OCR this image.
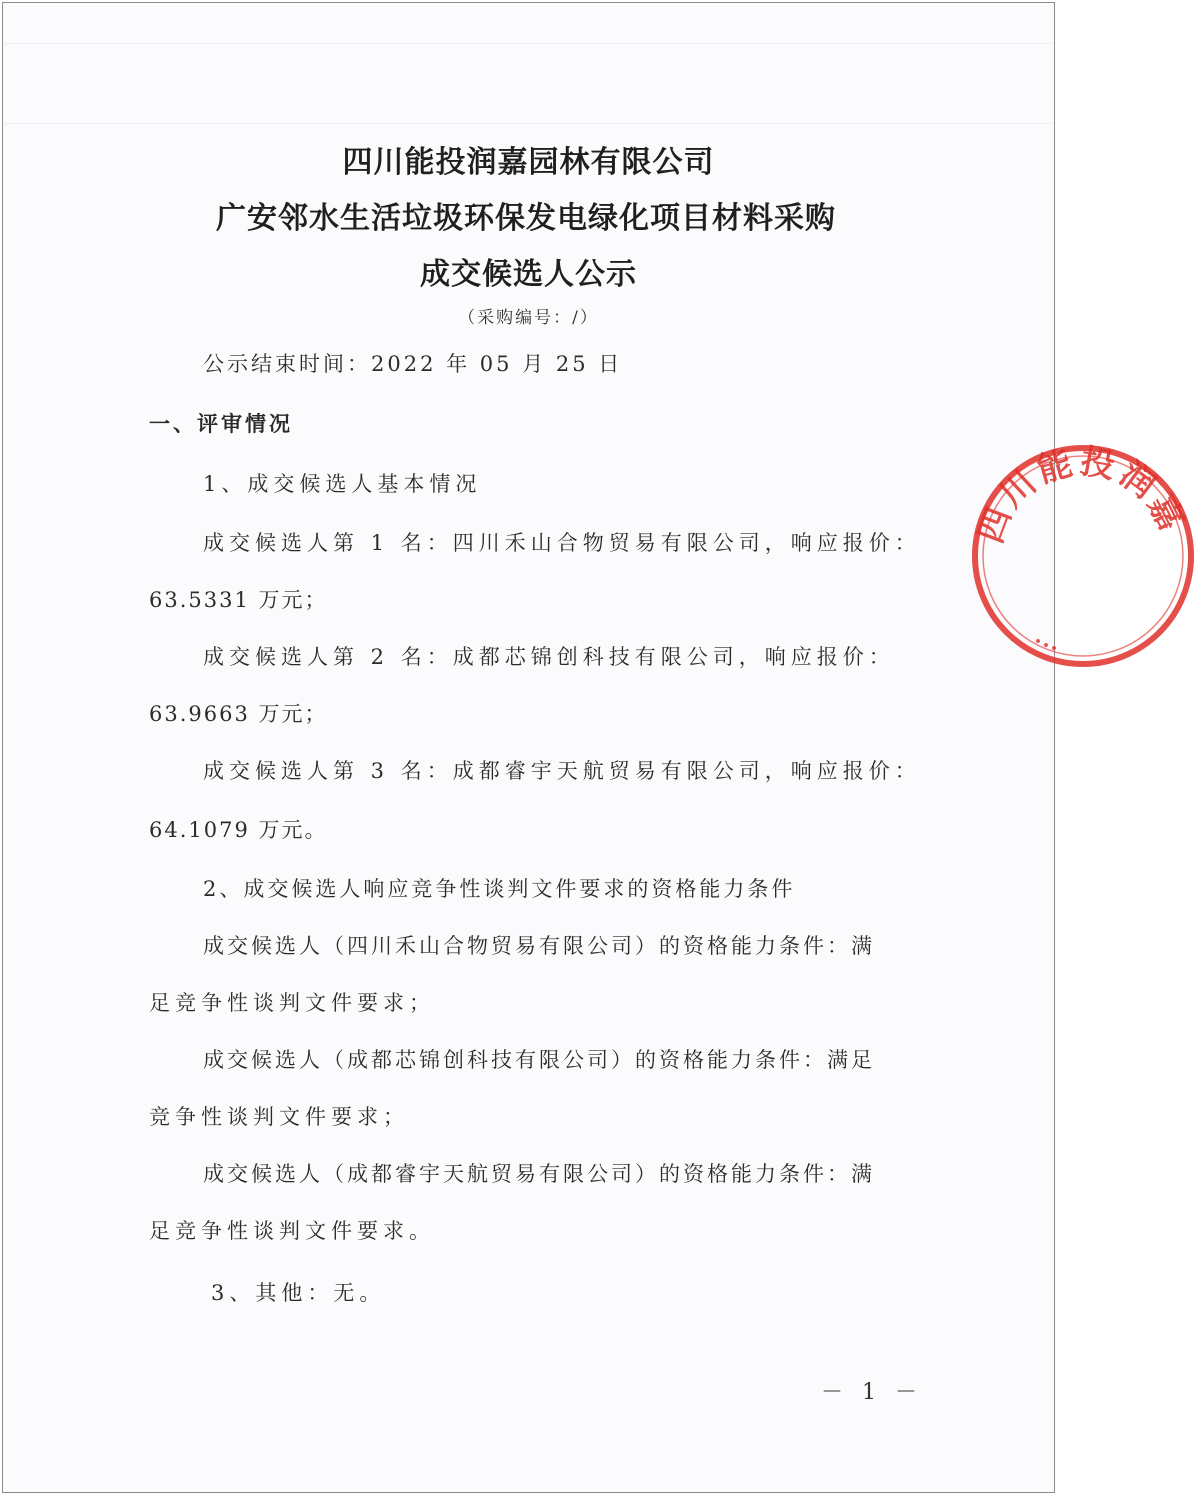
四川能投润嘉园林有限公司
广安邻水生活垃圾环保发电绿化项目材料采购
成交候选人公示
（采购编号：/）
公示结束时间：2022 年 05 月 25 日
一、评审情况
1、成交候选人基本情况
成交候选人第 1 名：四川禾山合物贸易有限公司，响应报价：
63.5331 万元；
成交候选人第 2 名：成都芯锦创科技有限公司，响应报价：
63.9663 万元；
成交候选人第 3 名：成都睿宇天航贸易有限公司，响应报价：
64.1079 万元。
2、成交候选人响应竞争性谈判文件要求的资格能力条件
成交候选人（四川禾山合物贸易有限公司）的资格能力条件：满
足竞争性谈判文件要求；
成交候选人（成都芯锦创科技有限公司）的资格能力条件：满足
竞争性谈判文件要求；
成交候选人（成都睿宇天航贸易有限公司）的资格能力条件：满
足竞争性谈判文件要求。
3、其他：无。
－ 1 －
四川能投润嘉
